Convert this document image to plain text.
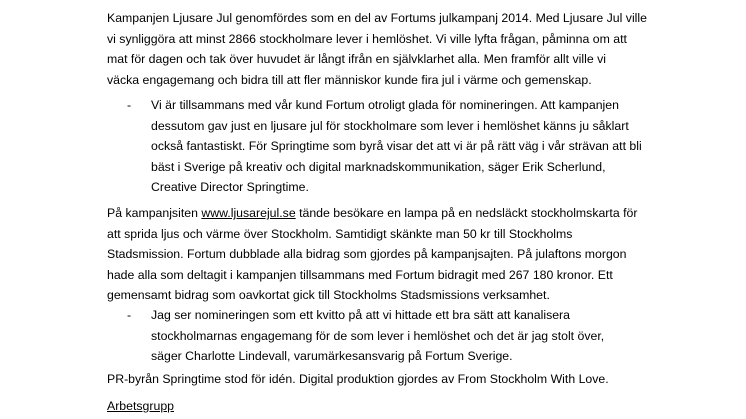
Kampanjen Ljusare Jul genomfördes som en del av Fortums julkampanj 2014. Med Ljusare Jul ville
vi synliggöra att minst 2866 stockholmare lever i hemlöshet. Vi ville lyfta frågan, påminna om att
mat för dagen och tak över huvudet är långt ifrån en självklarhet alla. Men framför allt ville vi
väcka engagemang och bidra till att fler människor kunde fira jul i värme och gemenskap.

- Vi är tillsammans med vår kund Fortum otroligt glada för nomineringen. Att kampanjen
dessutom gav just en ljusare jul för stockholmare som lever i hemlöshet känns ju såklart
också fantastiskt. För Springtime som byrå visar det att vi är på rätt väg i vår strävan att bli
bäst i Sverige på kreativ och digital marknadskommunikation, säger Erik Scherlund,
Creative Director Springtime.

På kampanjsiten www.ljusarejul.se tände besökare en lampa på en nedsläckt stockholmskarta för
att sprida ljus och värme över Stockholm. Samtidigt skänkte man 50 kr till Stockholms
Stadsmission. Fortum dubblade alla bidrag som gjordes på kampanjsajten. På julaftons morgon
hade alla som deltagit i kampanjen tillsammans med Fortum bidragit med 267 180 kronor. Ett
gemensamt bidrag som oavkortat gick till Stockholms Stadsmissions verksamhet.

- Jag ser nomineringen som ett kvitto på att vi hittade ett bra sätt att kanalisera
stockholmarnas engagemang för de som lever i hemlöshet och det är jag stolt över,
säger Charlotte Lindevall, varumärkesansvarig på Fortum Sverige.

PR-byrån Springtime stod för idén. Digital produktion gjordes av From Stockholm With Love.

Arbetsgrupp
